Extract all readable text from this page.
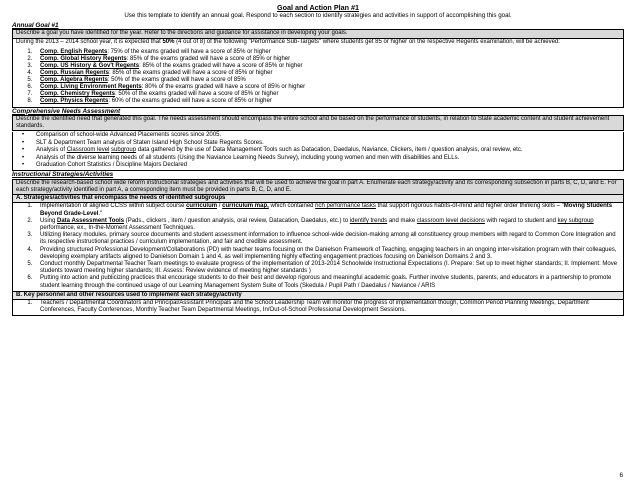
Goal and Action Plan #1
Use this template to identify an annual goal. Respond to each section to identify strategies and activities in support of accomplishing this goal.
Annual Goal #1
Describe a goal you have identified for the year. Refer to the directions and guidance for assistance in developing your goals.
During the 2013 – 2014 school year, it is expected that 50% (4 out of 8) of the following "Performance Sub-Targets" where students get 85 or higher on the respective Regents examination, will be achieved:
1. Comp. English Regents: 75% of the exams graded will have a score of 85% or higher
2. Comp. Global History Regents: 85% of the exams graded will have a score of 85% or higher
3. Comp. US History & Gov't Regents: 85% of the exams graded will have a score of 85% or higher
4. Comp. Russian Regents: 85% of the exams graded will have a score of 85% or higher
5. Comp. Algebra Regents: 50% of the exams graded will have a score of 85%
6. Comp. Living Environment Regents: 80% of the exams graded will have a score of 85% or higher
7. Comp. Chemistry Regents: 50% of the exams graded will have a score of 85% or higher
8. Comp. Physics Regents: 60% of the exams graded will have a score of 85% or higher
Comprehensive Needs Assessment
Describe the identified need that generated this goal. The needs assessment should encompass the entire school and be based on the performance of students, in relation to State academic content and student achievement standards.
• Comparison of school-wide Advanced Placements scores since 2005.
• SLT & Department Team analysis of Staten Island High School State Regents Scores.
• Analysis of Classroom level subgroup data gathered by the use of Data Management Tools such as Datacation, Daedalus, Naviance, Clickers, item / question analysis, oral review, etc.
• Analysis of the diverse learning needs of all students (Using the Naviance Learning Needs Survey), including young women and men with disabilities and ELLs.
• Graduation Cohort Statistics / Discipline Majors Declared
Instructional Strategies/Activities
Describe the research-based school wide reform instructional strategies and activities that will be used to achieve the goal in part A. Enumerate each strategy/activity and its corresponding subsection in parts B, C, D, and E. For each strategy/activity identified in part A, a corresponding item must be provided in parts B, C, D, and E.
A. Strategies/activities that encompass the needs of identified subgroups
1. Implementation of aligned CCSS within subject course curriculum / curriculum map, which contained rich performance tasks that support rigorous habits-of-mind and higher order thinking skills – "Moving Students Beyond Grade-Level."
2. Using Data Assessment Tools (Pads., clickers , item / question analysis, oral review, Datacation, Daedalus, etc.) to identify trends and make classroom level decisions with regard to student and key subgroup performance, ex., In-the-Moment Assessment Techniques.
3. Utilizing literacy modules, primary source documents and student assessment information to influence school-wide decision-making among all constituency group members with regard to Common Core Integration and its respective instructional practices / curriculum implementation, and fair and credible assessment.
4. Providing structured Professional Development/Collaborations (PD) with teacher teams focusing on the Danielson Framework of Teaching, engaging teachers in an ongoing inter-visitation program with their colleagues, developing exemplary artifacts aligned to Danielson Domain 1 and 4, as well implementing highly effecting engagement practices focusing on Danielson Domains 2 and 3.
5. Conduct monthly Departmental Teacher Team meetings to evaluate progress of the implementation of 2013-2014 Schoolwide Instructional Expectations (I. Prepare: Set up to meet higher standards; II. Implement: Move students toward meeting higher standards; III. Assess: Review evidence of meeting higher standards )
6. Putting into action and publicizing practices that encourage students to do their best and develop rigorous and meaningful academic goals. Further involve students, parents, and educators in a partnership to promote student learning through the continued usage of our Learning Management System Suite of Tools (Skedula / Pupil Path / Daedalus / Naviance / ARIS
B. Key personnel and other resources used to implement each strategy/activity
1. Teachers / Departmental Coordinators and Principal/Assistant Principals and the School Leadership Team will monitor the progress of implementation though, Common Period Planning Meetings, Department Conferences, Faculty Conferences, Monthly Teacher Team Departmental Meetings, In/Out-of-School Professional Development Sessions.
6
